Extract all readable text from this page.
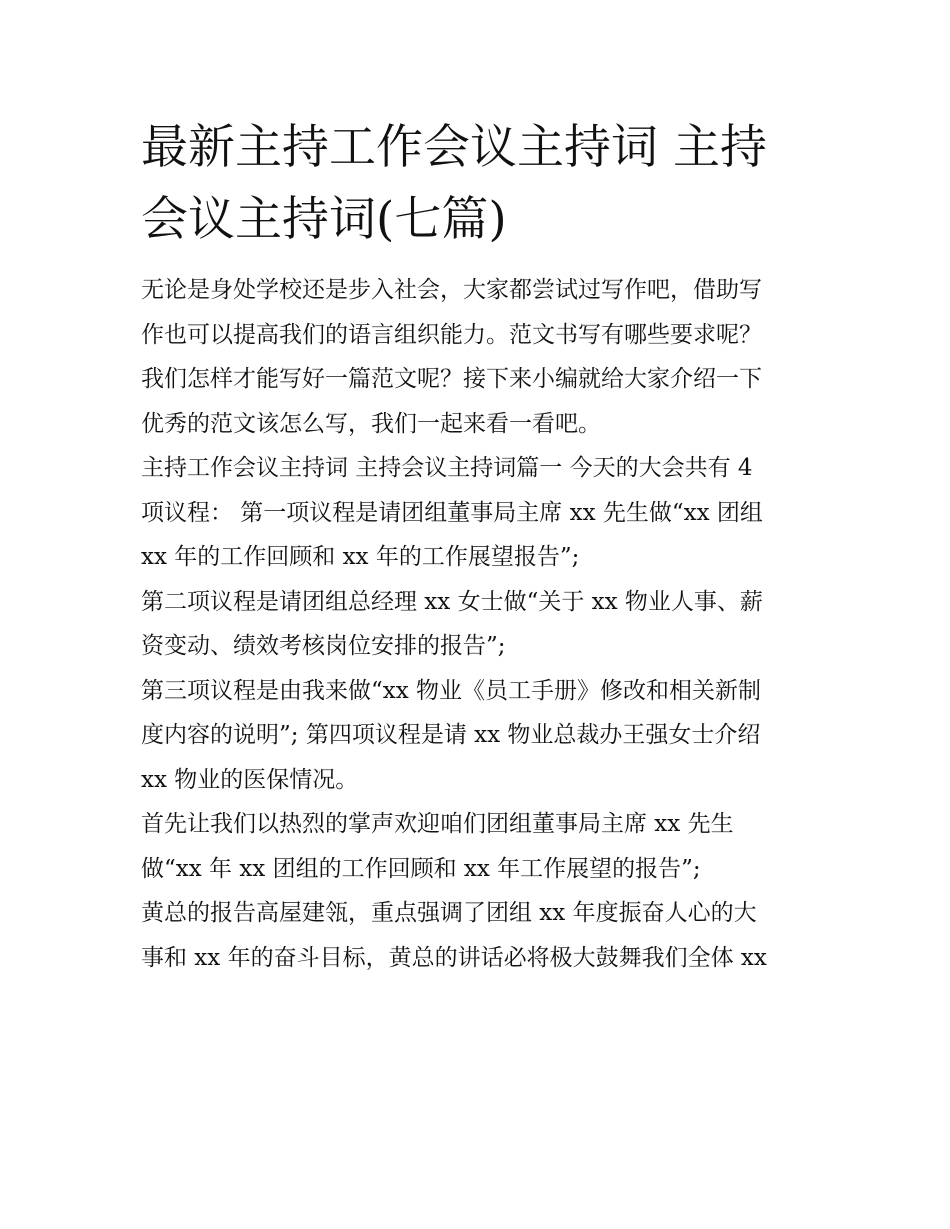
最新主持工作会议主持词 主持
会议主持词(七篇)

无论是身处学校还是步入社会，大家都尝试过写作吧，借助写
作也可以提高我们的语言组织能力。范文书写有哪些要求呢？
我们怎样才能写好一篇范文呢？接下来小编就给大家介绍一下
优秀的范文该怎么写，我们一起来看一看吧。

主持工作会议主持词 主持会议主持词篇一 今天的大会共有 4
项议程： 第一项议程是请团组董事局主席 xx 先生做“xx 团组
xx 年的工作回顾和 xx 年的工作展望报告”;

第二项议程是请团组总经理 xx 女士做“关于 xx 物业人事、薪
资变动、绩效考核岗位安排的报告”;

第三项议程是由我来做“xx 物业《员工手册》修改和相关新制
度内容的说明”; 第四项议程是请 xx 物业总裁办王强女士介绍
xx 物业的医保情况。

首先让我们以热烈的掌声欢迎咱们团组董事局主席 xx 先生
做“xx 年 xx 团组的工作回顾和 xx 年工作展望的报告”;

黄总的报告高屋建瓴，重点强调了团组 xx 年度振奋人心的大
事和 xx 年的奋斗目标，黄总的讲话必将极大鼓舞我们全体 xx
